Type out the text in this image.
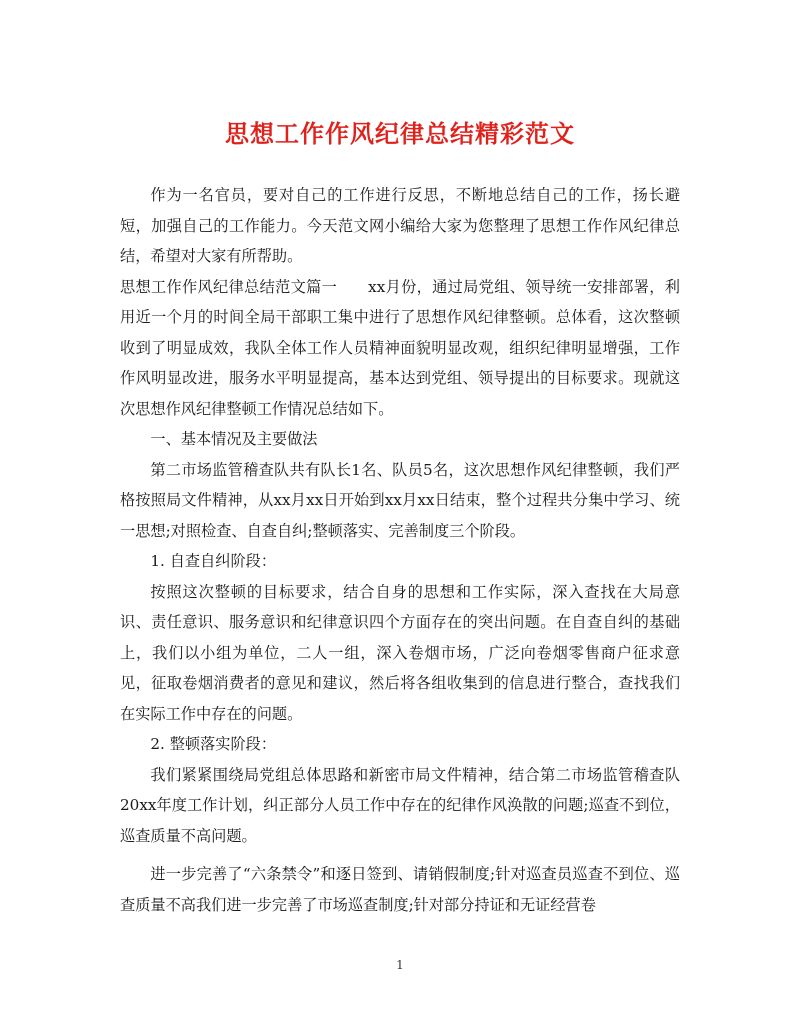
思想工作作风纪律总结精彩范文

作为一名官员，要对自己的工作进行反思，不断地总结自己的工作，扬长避短，加强自己的工作能力。今天范文网小编给大家为您整理了思想工作作风纪律总结，希望对大家有所帮助。

思想工作作风纪律总结范文篇一　　xx月份，通过局党组、领导统一安排部署，利用近一个月的时间全局干部职工集中进行了思想作风纪律整顿。总体看，这次整顿收到了明显成效，我队全体工作人员精神面貌明显改观，组织纪律明显增强，工作作风明显改进，服务水平明显提高，基本达到党组、领导提出的目标要求。现就这次思想作风纪律整顿工作情况总结如下。

一、基本情况及主要做法

第二市场监管稽查队共有队长1名、队员5名，这次思想作风纪律整顿，我们严格按照局文件精神，从xx月xx日开始到xx月xx日结束，整个过程共分集中学习、统一思想;对照检查、自查自纠;整顿落实、完善制度三个阶段。

1. 自查自纠阶段：

按照这次整顿的目标要求，结合自身的思想和工作实际，深入查找在大局意识、责任意识、服务意识和纪律意识四个方面存在的突出问题。在自查自纠的基础上，我们以小组为单位，二人一组，深入卷烟市场，广泛向卷烟零售商户征求意见，征取卷烟消费者的意见和建议，然后将各组收集到的信息进行整合，查找我们在实际工作中存在的问题。

2. 整顿落实阶段：

我们紧紧围绕局党组总体思路和新密市局文件精神，结合第二市场监管稽查队20xx年度工作计划，纠正部分人员工作中存在的纪律作风涣散的问题;巡查不到位，巡查质量不高问题。

进一步完善了“六条禁令”和逐日签到、请销假制度;针对巡查员巡查不到位、巡查质量不高我们进一步完善了市场巡查制度;针对部分持证和无证经营卷

1
